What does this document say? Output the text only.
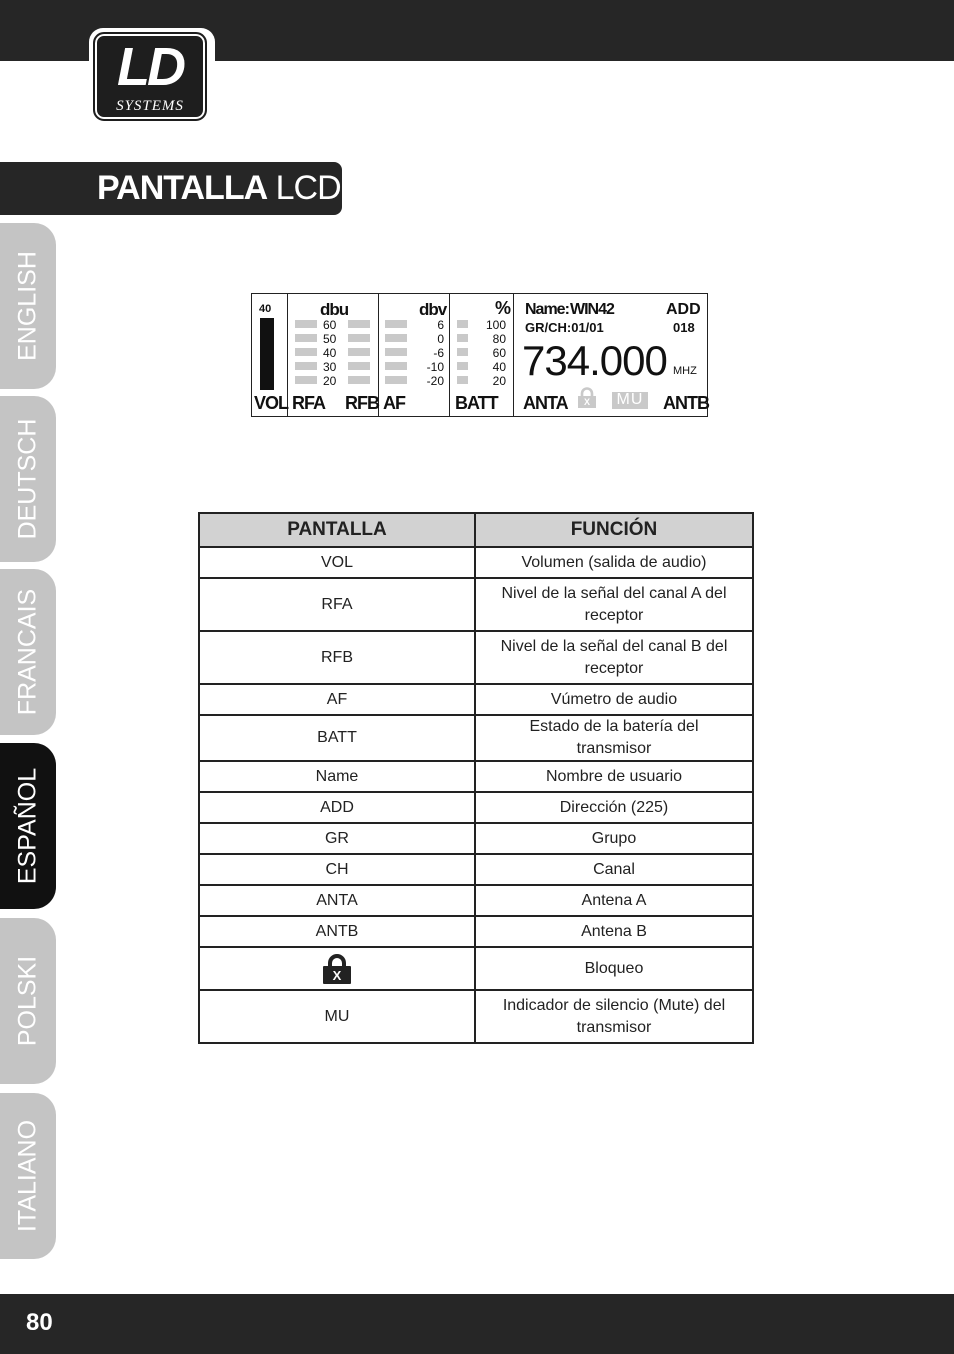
LD
SYSTEMS
PANTALLA LCD:
ENGLISH
DEUTSCH
FRANCAIS
ESPAÑOL
POLSKI
ITALIANO
40
VOL
dbu
60
50
40
30
20
RFA RFB
dbv
6
0
-6
-10
-20
AF
%
100
80
60
40
20
BATT
Name: WIN42	ADD
018
GR/CH:01/01
734.000 MHZ
ANTA	X	MU ANTB
PANTALLA	FUNCIÓN
VOL	Volumen (salida de audio)
RFA	Nivel de la señal del canal A del receptor
RFB	Nivel de la señal del canal B del receptor
AF	Vúmetro de audio
BATT	Estado de la batería del transmisor
Name	Nombre de usuario
ADD	Dirección (225)
GR	Grupo
CH	Canal
ANTA	Antena A
ANTB	Antena B

X	Bloqueo
MU	Indicador de silencio (Mute) del transmisor
80
